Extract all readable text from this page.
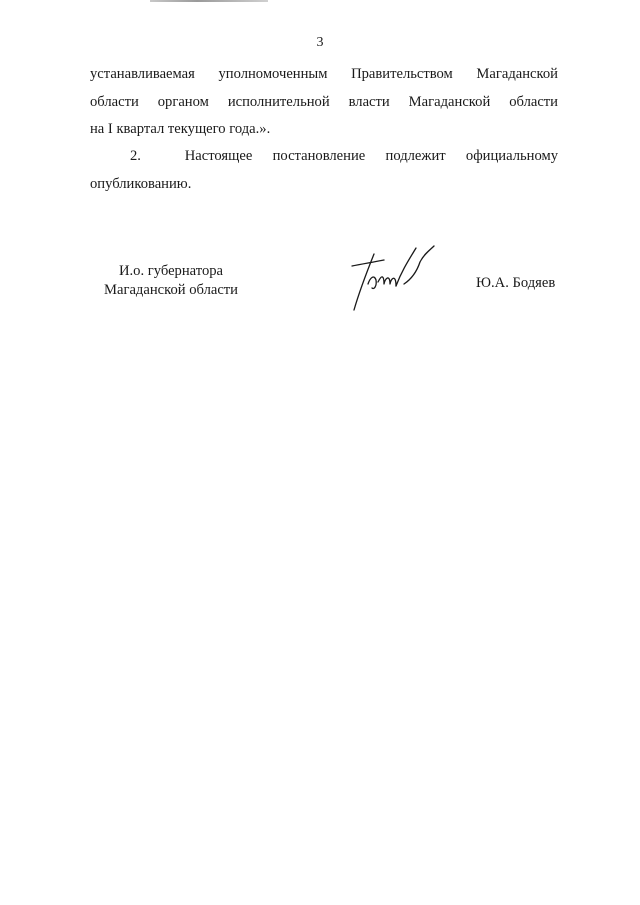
3
устанавливаемая уполномоченным Правительством Магаданской
области органом исполнительной власти Магаданской области
на I квартал текущего года.».
2.   	Настоящее постановление подлежит официальному
опубликованию.
И.о. губернатора
Магаданской области	Ю.А. Бодяев
